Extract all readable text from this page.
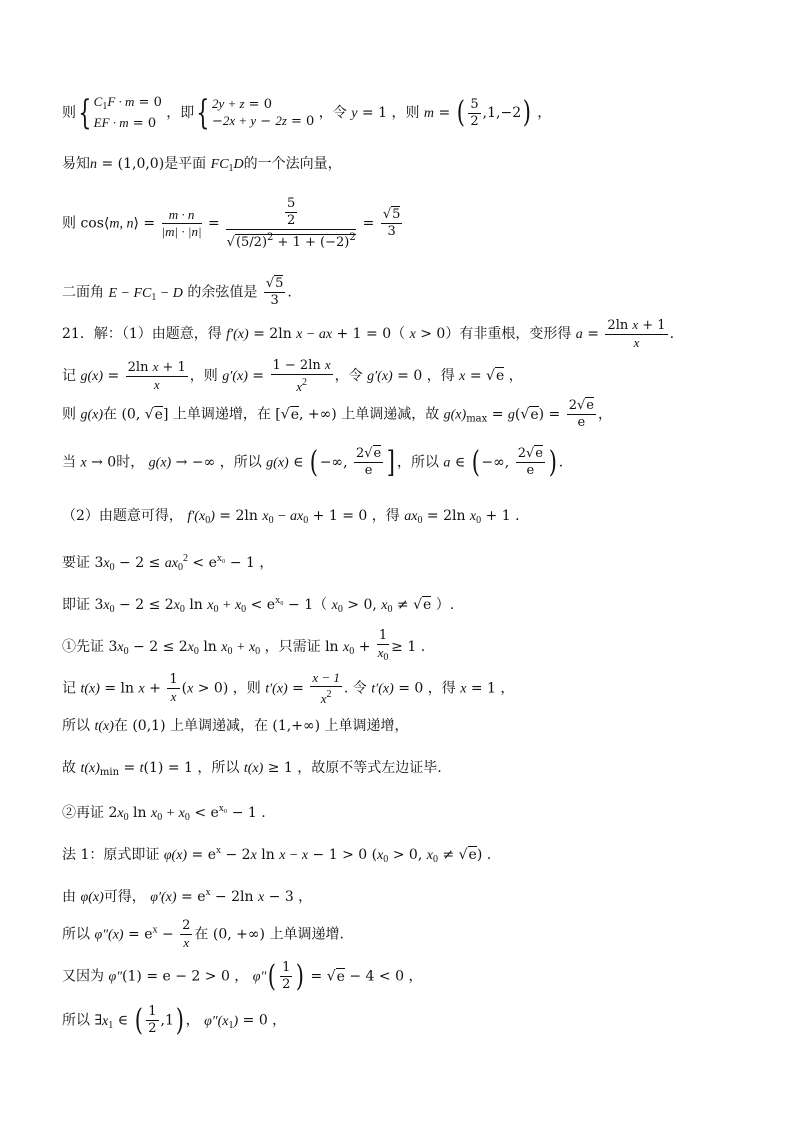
则{ $C_1F \cdot m = 0$
EF · m = 0 ，即{ 2y + z = 0
−2x + y − 2z = 0 ，令 y = 1 ，则 m = ( $\frac{5}{2} ,1,-2$) ，
易知n = (1,0,0)是平面 $FC_1D$的一个法向量，
则 cos⟨m, n⟩ = $\frac{m \cdot n}{|m| \cdot |n|} = \frac{\frac{5}{2}}{√(5/2)^2 + 1 + (-2)^2} = \frac{√5}{3}$
二面角 $E - FC_1 - D$ 的余弦值是 $\frac{√5}{3}$ .
21．解：（1）由题意，得 f′(x) = 2ln x − ax + 1 = 0（ x > 0）有非重根，变形得 $a = \frac{\text{2ln x + 1}}{x}$ .
记 $g(x) = \frac{\text{2ln x + 1}}{x}$ ，则 $g'(x) = \frac{\text{1 − 2ln x}}{x^2}$ ，令 g′(x) = 0 ，得 x = √e ，
则 g(x)在 (0, √e] 上单调递增，在 [√e, +∞) 上单调递减，故 $g(x)_{max} = g(√e) = \frac{2√e}{e}$ ，
当 x → 0时， g(x) → −∞ ，所以 g(x) ∈ ( −∞, $\frac{2√e}{e}$ ] ，所以 a ∈ ( −∞, $\frac{2√e}{e}$ ) .
（2）由题意可得， $f'(x_0) = 2\ln$ $x_0 - ax_0 + 1 = 0$ ，得 $ax_0 = 2\ln$ $x_0 + 1$ .
要证 $3x_0 - 2 \le ax_0^2 < e^{x_0} - 1$ ，
即证 $3x_0 - 2 \le 2x_0$ $\ln x_0 + x_0 < e^{x_0} - 1$（ $x_0 > 0$, $x_0 \ne √e$ ）.
①先证 $3x_0 - 2 \le 2x_0$ $\ln x_0 + x_0$ ，只需证 $\ln x_0 + \frac{1}{x_0} \ge 1$ .
记 $t(x) = \ln x + \frac{1}{x} (x > 0)$ ，则 $t'(x) = \frac{x - 1}{x^2}$ . 令 t′(x) = 0 ，得 x = 1 ，
所以 t(x)在 (0,1) 上单调递减，在 (1,+∞) 上单调递增，
故 $t(x)_{min} = t(1) = 1$ ，所以 t(x) ≥ 1 ，故原不等式左边证毕.
②再证 $2x_0$ $\ln x_0 + x_0 < e^{x_0} - 1$ .
法 1：原式即证 $\varphi(x) = e^x - 2x$ ln x − x − 1 > 0 ($x_0 > 0$, $x_0 \ne √e$) .
由 φ(x)可得， $\varphi'(x) = e^x - 2\ln$ x − 3 ，
所以 $\varphi''(x) = e^x - \frac{2}{x}$ 在 (0, +∞) 上单调递增.
又因为 φ″(1) = e − 2 > 0 ， $\varphi''( \frac{1}{2}$ ) = √e − 4 < 0 ，
所以 $\exists x_1$ ∈ ( $\frac{1}{2} ,1$) ， $\varphi''(x_1) = 0$ ，
